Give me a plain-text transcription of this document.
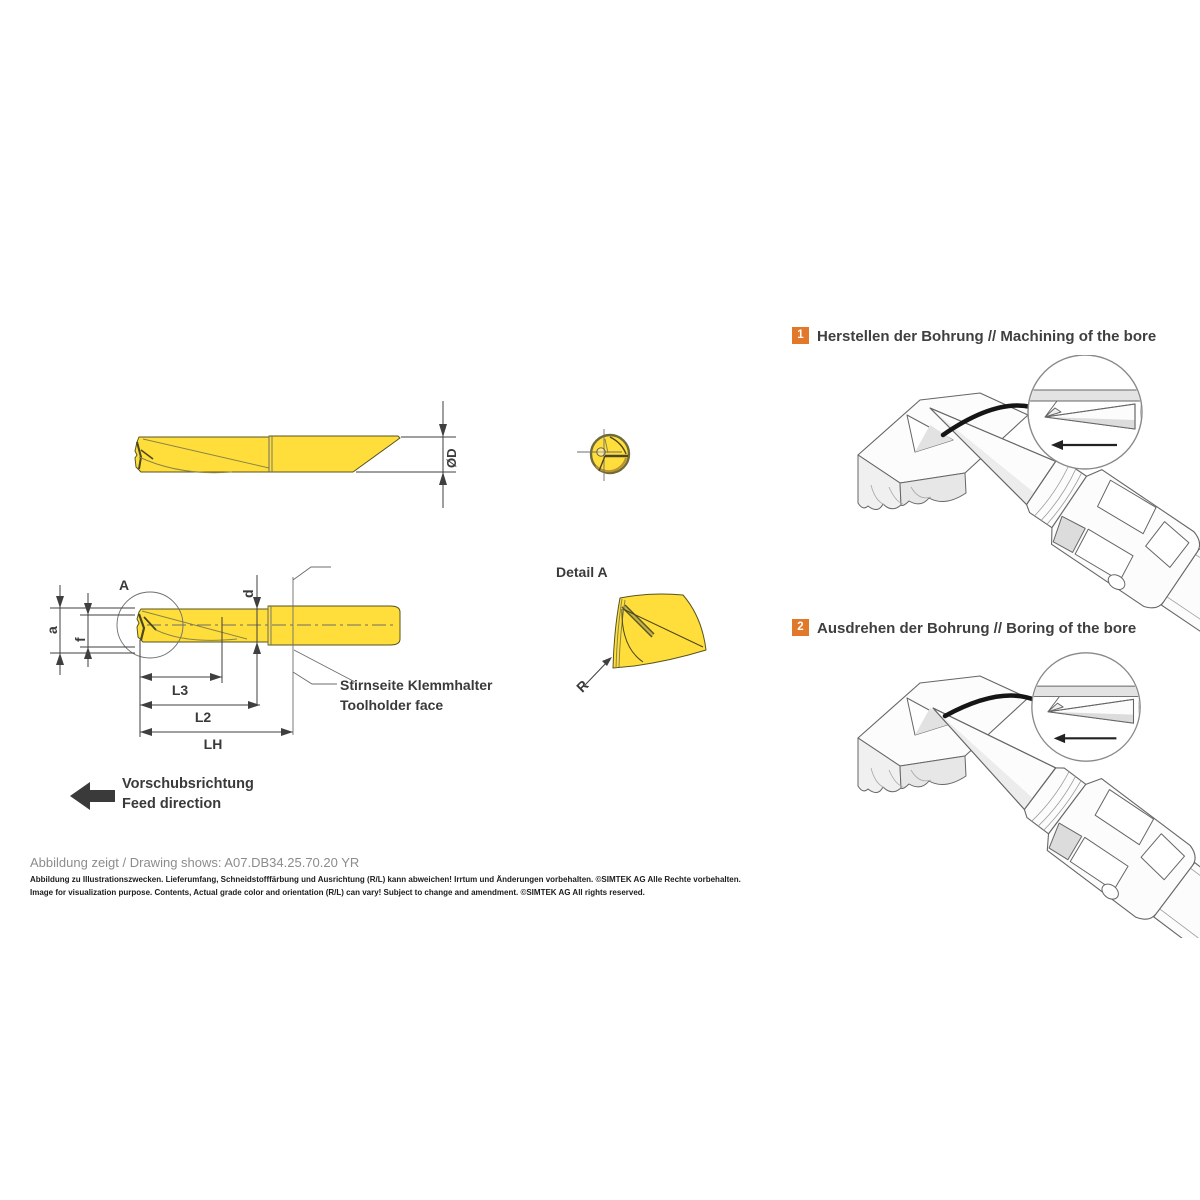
ØD
a
f
d
A
L3
L2
LH
Stirnseite Klemmhalter
Toolholder face
Detail A
R
Vorschubsrichtung
Feed direction
1 Herstellen der Bohrung // Machining of the bore
2 Ausdrehen der Bohrung // Boring of the bore
Abbildung zeigt / Drawing shows: A07.DB34.25.70.20 YR
Abbildung zu Illustrationszwecken. Lieferumfang, Schneidstofffärbung und Ausrichtung (R/L) kann abweichen! Irrtum und Änderungen vorbehalten. ©SIMTEK AG Alle Rechte vorbehalten.
Image for visualization purpose. Contents, Actual grade color and orientation (R/L) can vary! Subject to change and amendment. ©SIMTEK AG All rights reserved.
